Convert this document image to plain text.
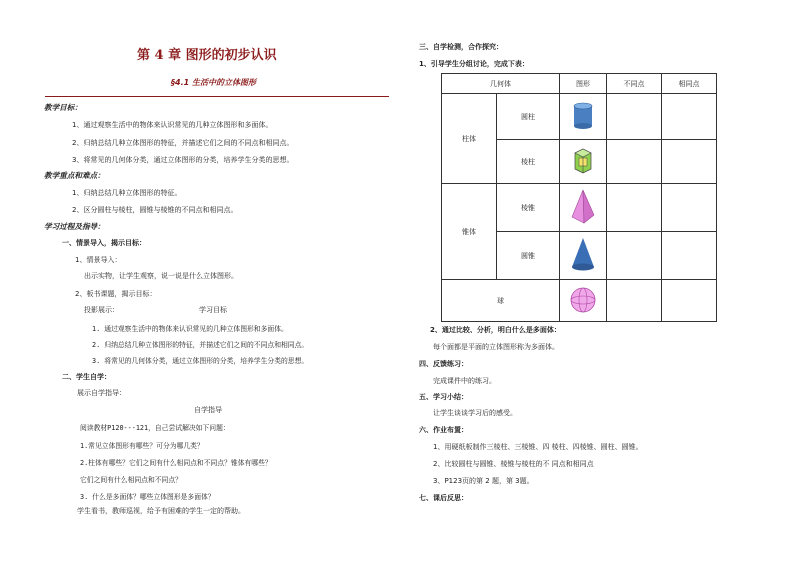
第 4 章 图形的初步认识
§4.1 生活中的立体图形
教学目标：
1、通过观察生活中的物体来认识常见的几种立体图形和多面体。
2、归纳总结几种立体图形的特征，并描述它们之间的不同点和相同点。
3、将常见的几何体分类，通过立体图形的分类，培养学生分类的思想。
教学重点和难点：
1、归纳总结几种立体图形的特征。
2、区分圆柱与棱柱，圆锥与棱锥的不同点和相同点。
学习过程及指导：
一、情景导入，揭示目标：
1、情景导入：
出示实物，让学生观察，说一说是什么立体图形。
2、板书课题，揭示目标：
投影展示：	学习目标
1. 通过观察生活中的物体来认识常见的几种立体图形和多面体。
2. 归纳总结几种立体图形的特征，并描述它们之间的不同点和相同点。
3. 将常见的几何体分类，通过立体图形的分类，培养学生分类的思想。
二、学生自学：
展示自学指导：
自学指导
阅读教材P120---121，自己尝试解决如下问题：
1.常见立体图形有哪些？可分为哪几类？
2.柱体有哪些？它们之间有什么相同点和不同点？锥体有哪些？
它们之间有什么相同点和不同点？
3. 什么是多面体？哪些立体图形是多面体？
学生看书，教师巡视，给予有困难的学生一定的帮助。
三、自学检测，合作探究：
1、引导学生分组讨论，完成下表：
几何体		图形	不同点	相同点
柱体	圆柱			
	棱柱			
锥体	棱锥			
	圆锥			
球			
2、通过比较、分析，明白什么是多面体：
每个面都是平面的立体图形称为多面体。
四、反馈练习：
完成课件中的练习。
五、学习小结：
让学生谈谈学习后的感受。
六、作业布置：
1、用硬纸板制作三棱柱、三棱锥、四 棱柱、四棱锥、圆柱、圆锥。
2、比较圆柱与圆锥、棱锥与棱柱的不 同点和相同点
3、P123页的第 2 题，第 3题。
七、课后反思：
